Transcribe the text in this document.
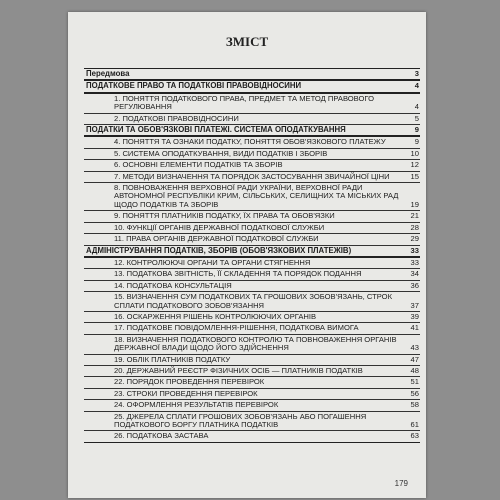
ЗМІСТ
Передмова	3
ПОДАТКОВЕ ПРАВО ТА ПОДАТКОВІ ПРАВОВІДНОСИНИ	4
1. ПОНЯТТЯ ПОДАТКОВОГО ПРАВА, ПРЕДМЕТ ТА МЕТОД ПРАВОВОГО РЕГУЛЮВАННЯ	4
2. ПОДАТКОВІ ПРАВОВІДНОСИНИ	5
ПОДАТКИ ТА ОБОВ'ЯЗКОВІ ПЛАТЕЖІ. СИСТЕМА ОПОДАТКУВАННЯ	9
4. ПОНЯТТЯ ТА ОЗНАКИ ПОДАТКУ, ПОНЯТТЯ ОБОВ'ЯЗКОВОГО ПЛАТЕЖУ	9
5. СИСТЕМА ОПОДАТКУВАННЯ, ВИДИ ПОДАТКІВ І ЗБОРІВ	10
6. ОСНОВНІ ЕЛЕМЕНТИ ПОДАТКІВ ТА ЗБОРІВ	12
7. МЕТОДИ ВИЗНАЧЕННЯ ТА ПОРЯДОК ЗАСТОСУВАННЯ ЗВИЧАЙНОЇ ЦІНИ	15
8. ПОВНОВАЖЕННЯ ВЕРХОВНОЇ РАДИ УКРАЇНИ, ВЕРХОВНОЇ РАДИ АВТОНОМНОЇ РЕСПУБЛІКИ КРИМ, СІЛЬСЬКИХ, СЕЛИЩНИХ ТА МІСЬКИХ РАД ЩОДО ПОДАТКІВ ТА ЗБОРІВ	19
9. ПОНЯТТЯ ПЛАТНИКІВ ПОДАТКУ, ЇХ ПРАВА ТА ОБОВ'ЯЗКИ	21
10. ФУНКЦІЇ ОРГАНІВ ДЕРЖАВНОЇ ПОДАТКОВОЇ СЛУЖБИ	28
11. ПРАВА ОРГАНІВ ДЕРЖАВНОЇ ПОДАТКОВОЇ СЛУЖБИ	29
АДМІНІСТРУВАННЯ ПОДАТКІВ, ЗБОРІВ (ОБОВ'ЯЗКОВИХ ПЛАТЕЖІВ)	33
12. КОНТРОЛЮЮЧІ ОРГАНИ ТА ОРГАНИ СТЯГНЕННЯ	33
13. ПОДАТКОВА ЗВІТНІСТЬ, ЇЇ СКЛАДЕННЯ ТА ПОРЯДОК ПОДАННЯ	34
14. ПОДАТКОВА КОНСУЛЬТАЦІЯ	36
15. ВИЗНАЧЕННЯ СУМ ПОДАТКОВИХ ТА ГРОШОВИХ ЗОБОВ'ЯЗАНЬ, СТРОК СПЛАТИ ПОДАТКОВОГО ЗОБОВ'ЯЗАННЯ	37
16. ОСКАРЖЕННЯ РІШЕНЬ КОНТРОЛЮЮЧИХ ОРГАНІВ	39
17. ПОДАТКОВЕ ПОВІДОМЛЕННЯ-РІШЕННЯ, ПОДАТКОВА ВИМОГА	41
18. ВИЗНАЧЕННЯ ПОДАТКОВОГО КОНТРОЛЮ ТА ПОВНОВАЖЕННЯ ОРГАНІВ ДЕРЖАВНОЇ ВЛАДИ ЩОДО ЙОГО ЗДІЙСНЕННЯ	43
19. ОБЛІК ПЛАТНИКІВ ПОДАТКУ	47
20. ДЕРЖАВНИЙ РЕЄСТР ФІЗИЧНИХ ОСІБ — ПЛАТНИКІВ ПОДАТКІВ	48
22. ПОРЯДОК ПРОВЕДЕННЯ ПЕРЕВІРОК	51
23. СТРОКИ ПРОВЕДЕННЯ ПЕРЕВІРОК	56
24. ОФОРМЛЕННЯ РЕЗУЛЬТАТІВ ПЕРЕВІРОК	58
25. ДЖЕРЕЛА СПЛАТИ ГРОШОВИХ ЗОБОВ'ЯЗАНЬ АБО ПОГАШЕННЯ ПОДАТКОВОГО БОРГУ ПЛАТНИКА ПОДАТКІВ	61
26. ПОДАТКОВА ЗАСТАВА	63
179
